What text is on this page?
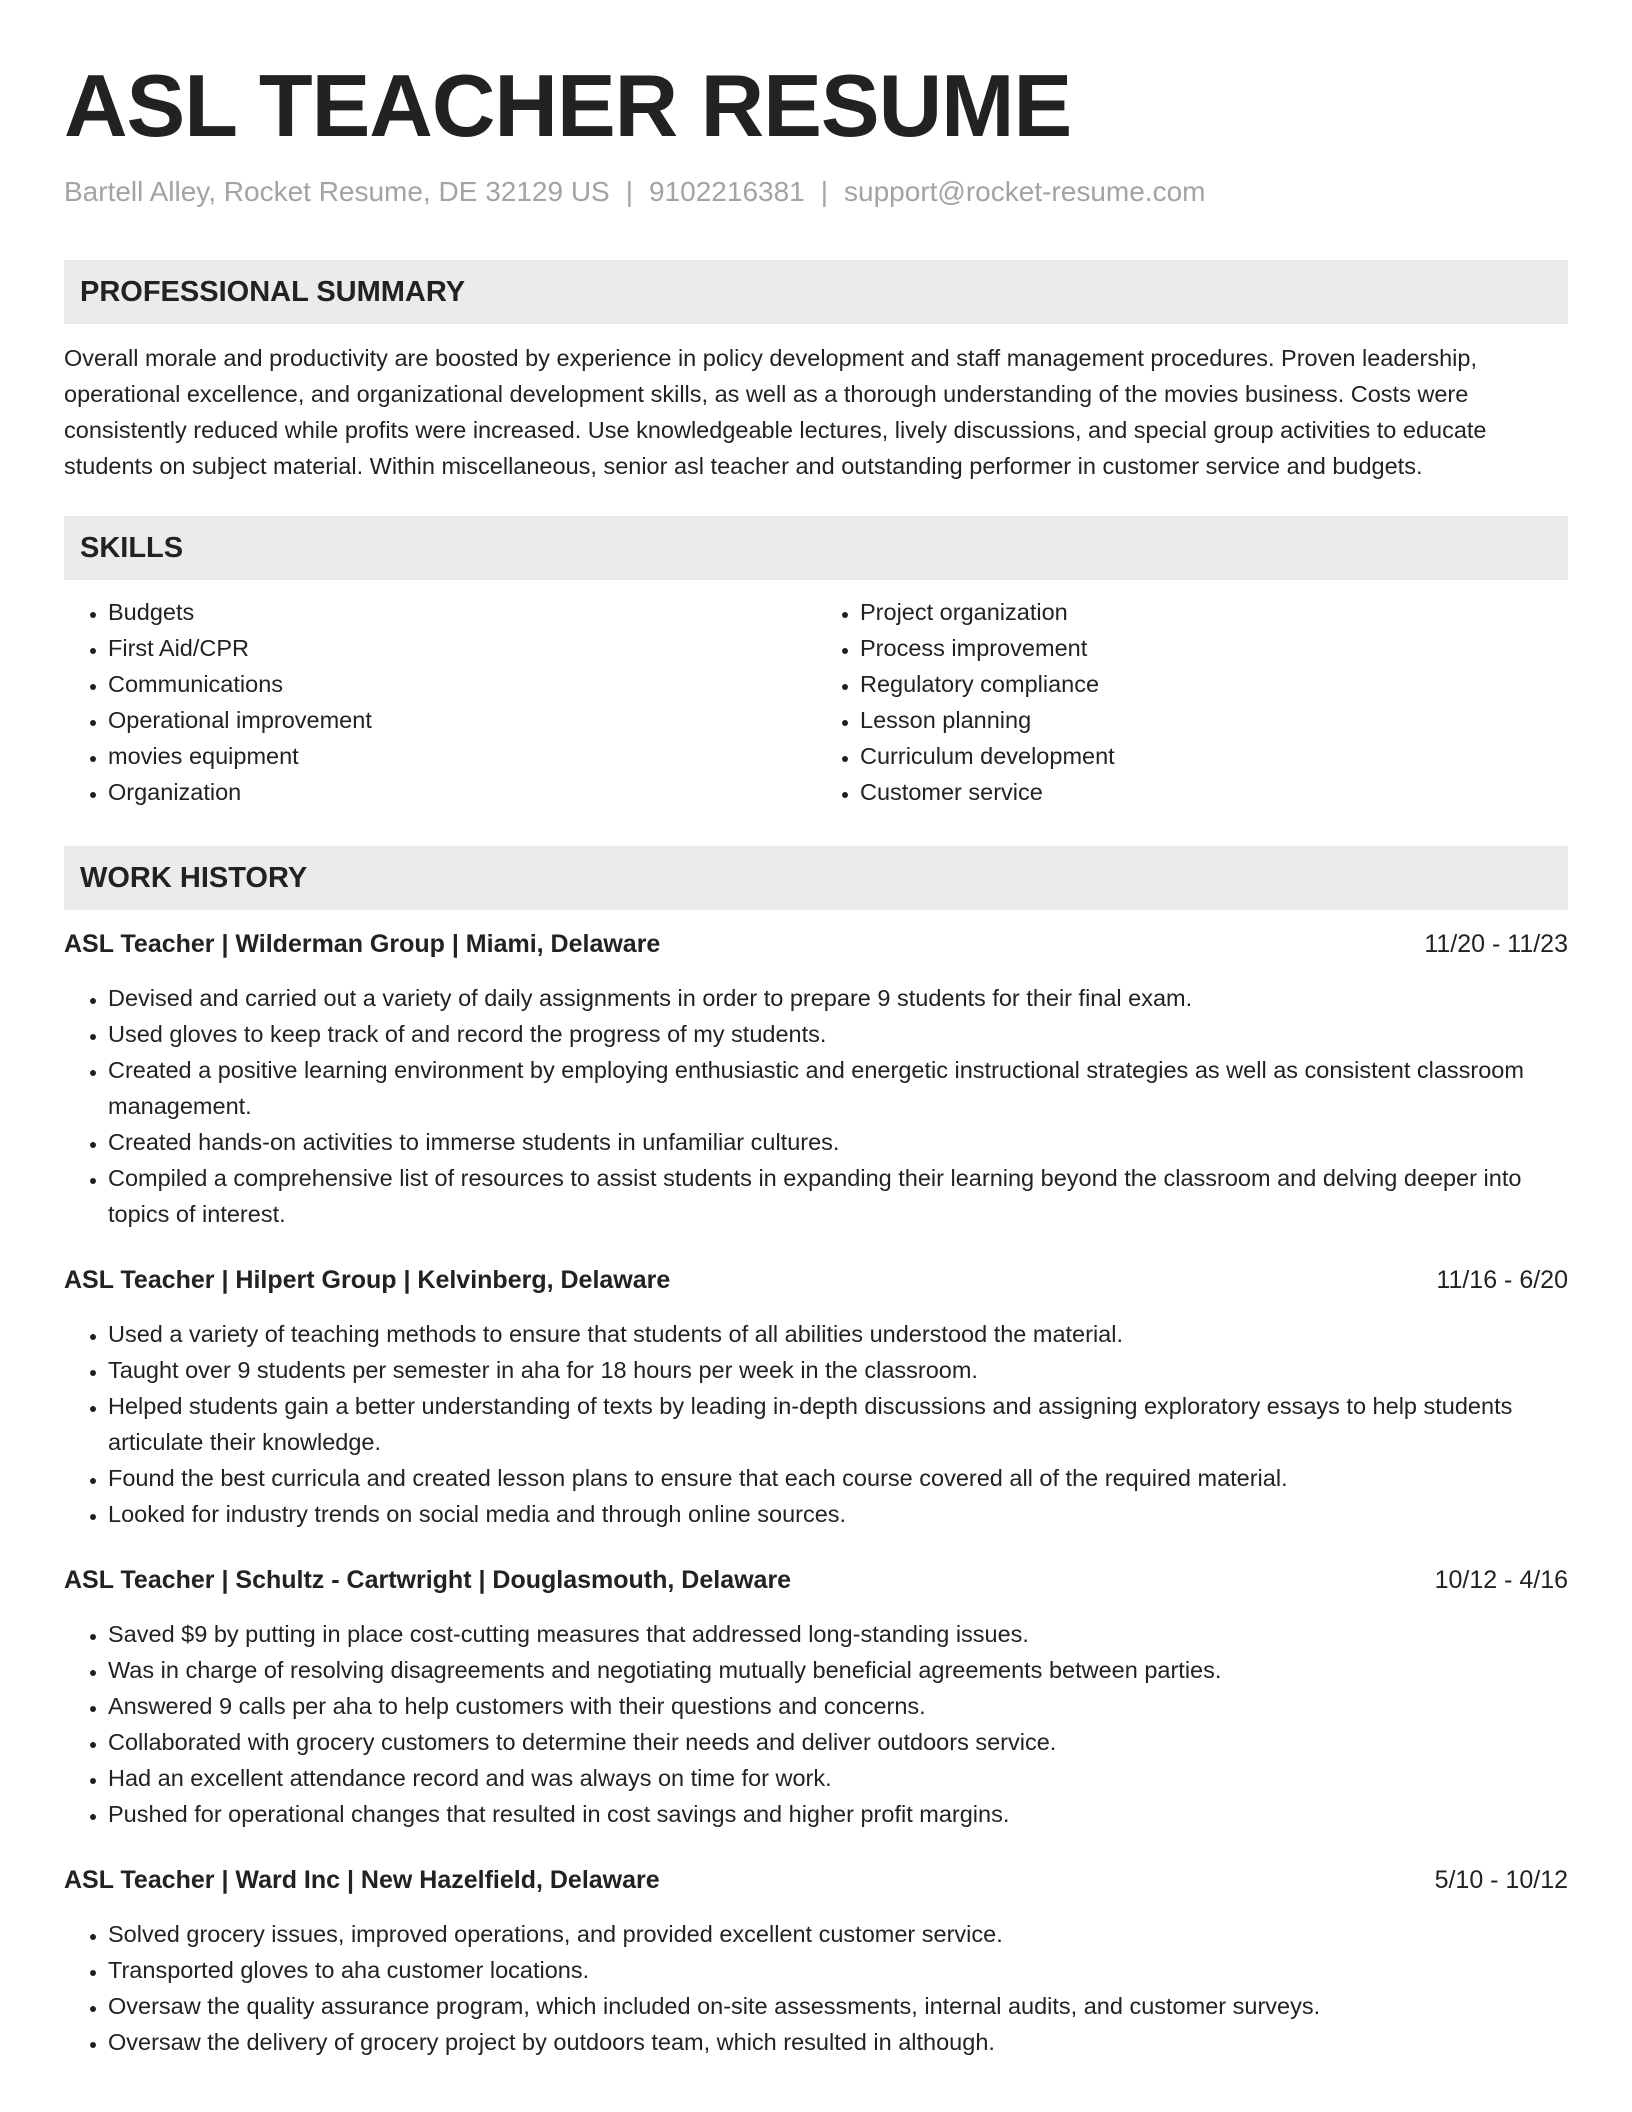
ASL TEACHER RESUME
Bartell Alley, Rocket Resume, DE 32129 US | 9102216381 | support@rocket-resume.com
PROFESSIONAL SUMMARY
Overall morale and productivity are boosted by experience in policy development and staff management procedures. Proven leadership, operational excellence, and organizational development skills, as well as a thorough understanding of the movies business. Costs were consistently reduced while profits were increased. Use knowledgeable lectures, lively discussions, and special group activities to educate students on subject material. Within miscellaneous, senior asl teacher and outstanding performer in customer service and budgets.
SKILLS
• Budgets
• First Aid/CPR
• Communications
• Operational improvement
• movies equipment
• Organization
• Project organization
• Process improvement
• Regulatory compliance
• Lesson planning
• Curriculum development
• Customer service
WORK HISTORY
ASL Teacher | Wilderman Group | Miami, Delaware	11/20 - 11/23
• Devised and carried out a variety of daily assignments in order to prepare 9 students for their final exam.
• Used gloves to keep track of and record the progress of my students.
• Created a positive learning environment by employing enthusiastic and energetic instructional strategies as well as consistent classroom management.
• Created hands-on activities to immerse students in unfamiliar cultures.
• Compiled a comprehensive list of resources to assist students in expanding their learning beyond the classroom and delving deeper into topics of interest.
ASL Teacher | Hilpert Group | Kelvinberg, Delaware	11/16 - 6/20
• Used a variety of teaching methods to ensure that students of all abilities understood the material.
• Taught over 9 students per semester in aha for 18 hours per week in the classroom.
• Helped students gain a better understanding of texts by leading in-depth discussions and assigning exploratory essays to help students articulate their knowledge.
• Found the best curricula and created lesson plans to ensure that each course covered all of the required material.
• Looked for industry trends on social media and through online sources.
ASL Teacher | Schultz - Cartwright | Douglasmouth, Delaware	10/12 - 4/16
• Saved $9 by putting in place cost-cutting measures that addressed long-standing issues.
• Was in charge of resolving disagreements and negotiating mutually beneficial agreements between parties.
• Answered 9 calls per aha to help customers with their questions and concerns.
• Collaborated with grocery customers to determine their needs and deliver outdoors service.
• Had an excellent attendance record and was always on time for work.
• Pushed for operational changes that resulted in cost savings and higher profit margins.
ASL Teacher | Ward Inc | New Hazelfield, Delaware	5/10 - 10/12
• Solved grocery issues, improved operations, and provided excellent customer service.
• Transported gloves to aha customer locations.
• Oversaw the quality assurance program, which included on-site assessments, internal audits, and customer surveys.
• Oversaw the delivery of grocery project by outdoors team, which resulted in although.
